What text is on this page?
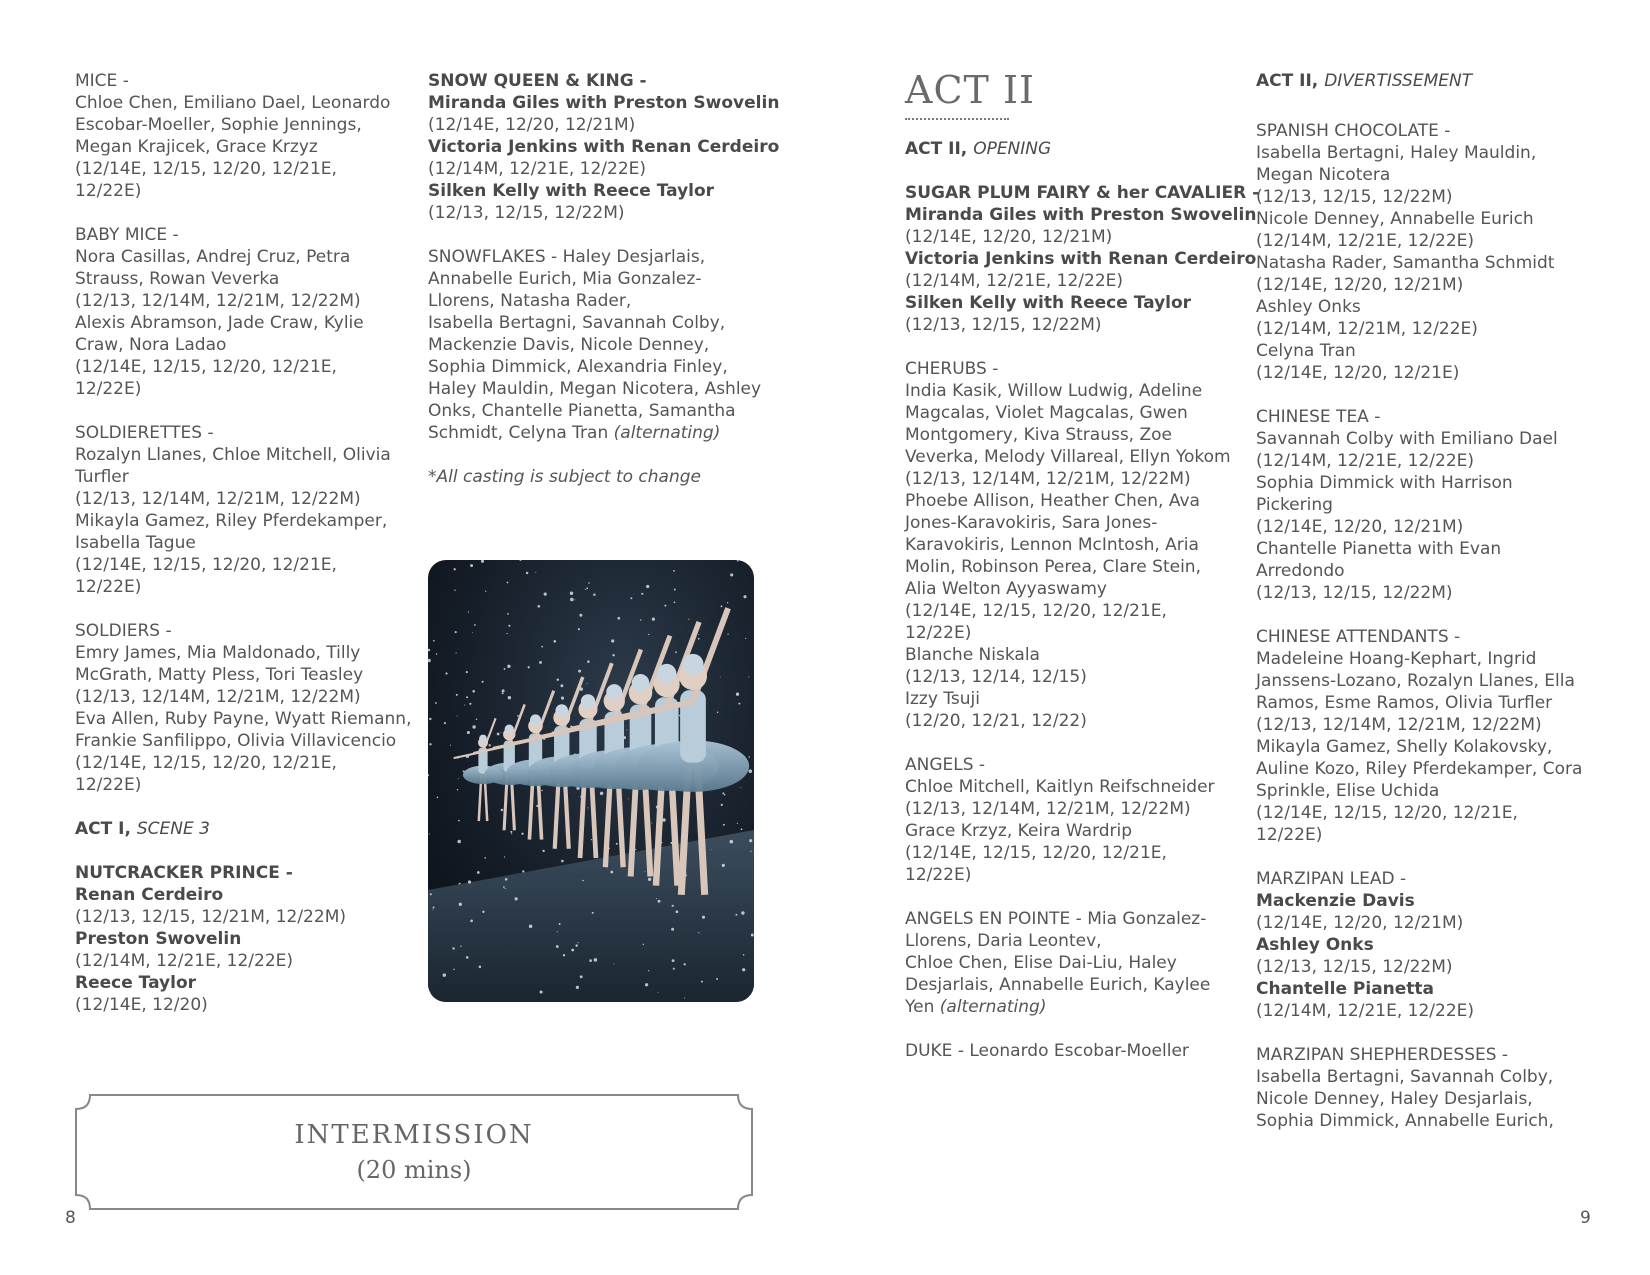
MICE -
Chloe Chen, Emiliano Dael, Leonardo
Escobar-Moeller, Sophie Jennings,
Megan Krajicek, Grace Krzyz
(12/14E, 12/15, 12/20, 12/21E,
12/22E)
BABY MICE -
Nora Casillas, Andrej Cruz, Petra
Strauss, Rowan Veverka
(12/13, 12/14M, 12/21M, 12/22M)
Alexis Abramson, Jade Craw, Kylie
Craw, Nora Ladao
(12/14E, 12/15, 12/20, 12/21E,
12/22E)
SOLDIERETTES -
Rozalyn Llanes, Chloe Mitchell, Olivia
Turfler
(12/13, 12/14M, 12/21M, 12/22M)
Mikayla Gamez, Riley Pferdekamper,
Isabella Tague
(12/14E, 12/15, 12/20, 12/21E,
12/22E)
SOLDIERS -
Emry James, Mia Maldonado, Tilly
McGrath, Matty Pless, Tori Teasley
(12/13, 12/14M, 12/21M, 12/22M)
Eva Allen, Ruby Payne, Wyatt Riemann,
Frankie Sanfilippo, Olivia Villavicencio
(12/14E, 12/15, 12/20, 12/21E,
12/22E)
ACT I, SCENE 3
NUTCRACKER PRINCE -
Renan Cerdeiro
(12/13, 12/15, 12/21M, 12/22M)
Preston Swovelin
(12/14M, 12/21E, 12/22E)
Reece Taylor
(12/14E, 12/20)
SNOW QUEEN & KING -
Miranda Giles with Preston Swovelin
(12/14E, 12/20, 12/21M)
Victoria Jenkins with Renan Cerdeiro
(12/14M, 12/21E, 12/22E)
Silken Kelly with Reece Taylor
(12/13, 12/15, 12/22M)
SNOWFLAKES - Haley Desjarlais,
Annabelle Eurich, Mia Gonzalez-
Llorens, Natasha Rader,
Isabella Bertagni, Savannah Colby,
Mackenzie Davis, Nicole Denney,
Sophia Dimmick, Alexandria Finley,
Haley Mauldin, Megan Nicotera, Ashley
Onks, Chantelle Pianetta, Samantha
Schmidt, Celyna Tran (alternating)
*All casting is subject to change
INTERMISSION
(20 mins)
8
ACT II
ACT II, OPENING
SUGAR PLUM FAIRY & her CAVALIER -
Miranda Giles with Preston Swovelin
(12/14E, 12/20, 12/21M)
Victoria Jenkins with Renan Cerdeiro
(12/14M, 12/21E, 12/22E)
Silken Kelly with Reece Taylor
(12/13, 12/15, 12/22M)
CHERUBS -
India Kasik, Willow Ludwig, Adeline
Magcalas, Violet Magcalas, Gwen
Montgomery, Kiva Strauss, Zoe
Veverka, Melody Villareal, Ellyn Yokom
(12/13, 12/14M, 12/21M, 12/22M)
Phoebe Allison, Heather Chen, Ava
Jones-Karavokiris, Sara Jones-
Karavokiris, Lennon McIntosh, Aria
Molin, Robinson Perea, Clare Stein,
Alia Welton Ayyaswamy
(12/14E, 12/15, 12/20, 12/21E,
12/22E)
Blanche Niskala
(12/13, 12/14, 12/15)
Izzy Tsuji
(12/20, 12/21, 12/22)
ANGELS -
Chloe Mitchell, Kaitlyn Reifschneider
(12/13, 12/14M, 12/21M, 12/22M)
Grace Krzyz, Keira Wardrip
(12/14E, 12/15, 12/20, 12/21E,
12/22E)
ANGELS EN POINTE - Mia Gonzalez-
Llorens, Daria Leontev,
Chloe Chen, Elise Dai-Liu, Haley
Desjarlais, Annabelle Eurich, Kaylee
Yen (alternating)
DUKE - Leonardo Escobar-Moeller
ACT II, DIVERTISSEMENT
SPANISH CHOCOLATE -
Isabella Bertagni, Haley Mauldin,
Megan Nicotera
(12/13, 12/15, 12/22M)
Nicole Denney, Annabelle Eurich
(12/14M, 12/21E, 12/22E)
Natasha Rader, Samantha Schmidt
(12/14E, 12/20, 12/21M)
Ashley Onks
(12/14M, 12/21M, 12/22E)
Celyna Tran
(12/14E, 12/20, 12/21E)
CHINESE TEA -
Savannah Colby with Emiliano Dael
(12/14M, 12/21E, 12/22E)
Sophia Dimmick with Harrison
Pickering
(12/14E, 12/20, 12/21M)
Chantelle Pianetta with Evan
Arredondo
(12/13, 12/15, 12/22M)
CHINESE ATTENDANTS -
Madeleine Hoang-Kephart, Ingrid
Janssens-Lozano, Rozalyn Llanes, Ella
Ramos, Esme Ramos, Olivia Turfler
(12/13, 12/14M, 12/21M, 12/22M)
Mikayla Gamez, Shelly Kolakovsky,
Auline Kozo, Riley Pferdekamper, Cora
Sprinkle, Elise Uchida
(12/14E, 12/15, 12/20, 12/21E,
12/22E)
MARZIPAN LEAD -
Mackenzie Davis
(12/14E, 12/20, 12/21M)
Ashley Onks
(12/13, 12/15, 12/22M)
Chantelle Pianetta
(12/14M, 12/21E, 12/22E)
MARZIPAN SHEPHERDESSES -
Isabella Bertagni, Savannah Colby,
Nicole Denney, Haley Desjarlais,
Sophia Dimmick, Annabelle Eurich,
9
